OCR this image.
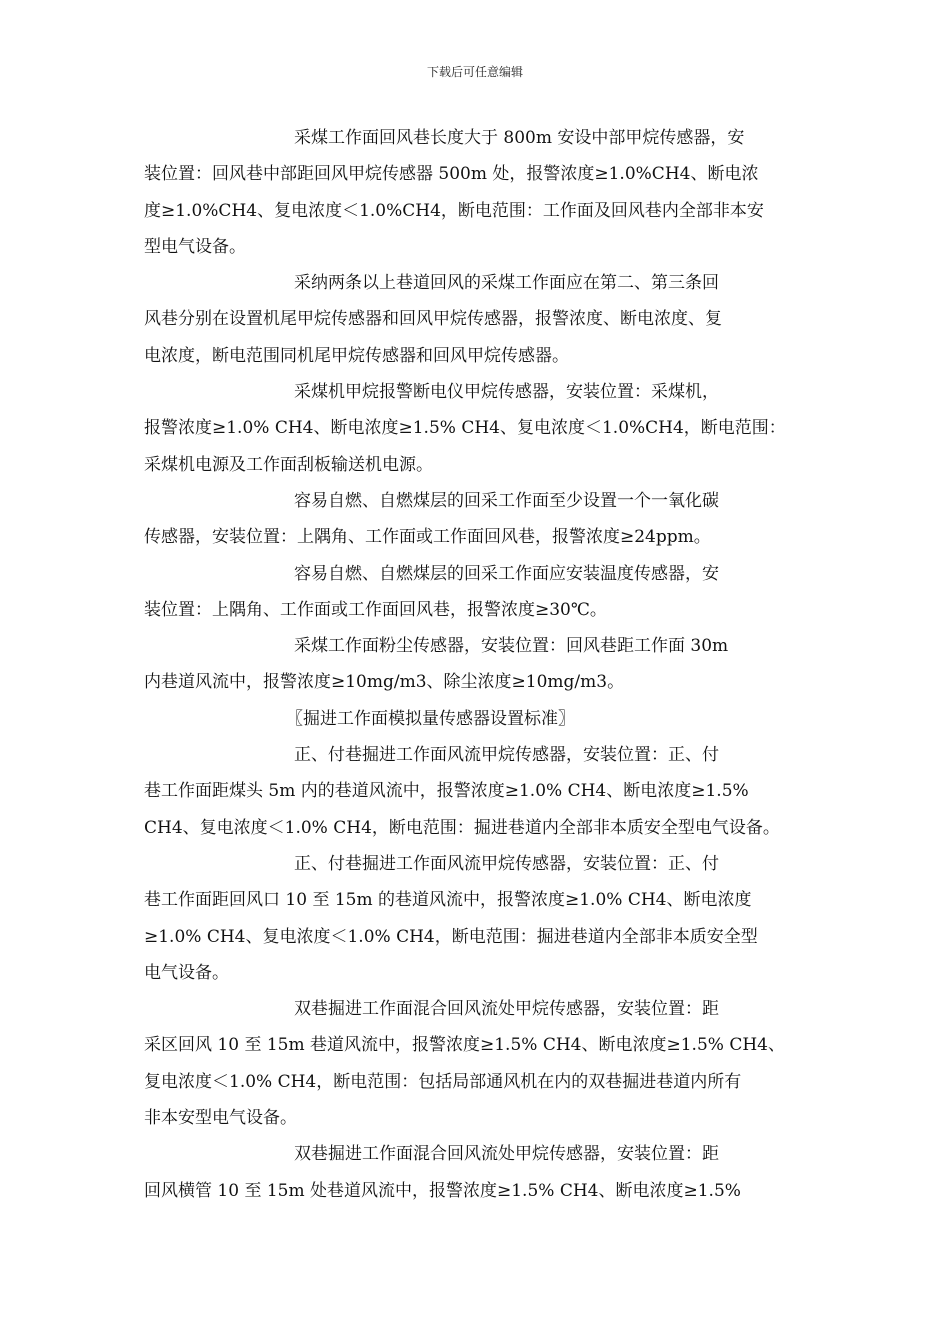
下载后可任意编辑

采煤工作面回风巷长度大于 800m 安设中部甲烷传感器，安
装位置：回风巷中部距回风甲烷传感器 500m 处，报警浓度≥1.0%CH4、断电浓
度≥1.0%CH4、复电浓度＜1.0%CH4，断电范围：工作面及回风巷内全部非本安
型电气设备。

采纳两条以上巷道回风的采煤工作面应在第二、第三条回
风巷分别在设置机尾甲烷传感器和回风甲烷传感器，报警浓度、断电浓度、复
电浓度，断电范围同机尾甲烷传感器和回风甲烷传感器。

采煤机甲烷报警断电仪甲烷传感器，安装位置：采煤机，
报警浓度≥1.0% CH4、断电浓度≥1.5% CH4、复电浓度＜1.0%CH4，断电范围：
采煤机电源及工作面刮板输送机电源。

容易自燃、自燃煤层的回采工作面至少设置一个一氧化碳
传感器，安装位置：上隅角、工作面或工作面回风巷，报警浓度≥24ppm。

容易自燃、自燃煤层的回采工作面应安装温度传感器，安
装位置：上隅角、工作面或工作面回风巷，报警浓度≥30℃。

采煤工作面粉尘传感器，安装位置：回风巷距工作面 30m
内巷道风流中，报警浓度≥10mg/m3、除尘浓度≥10mg/m3。

〖掘进工作面模拟量传感器设置标准〗

正、付巷掘进工作面风流甲烷传感器，安装位置：正、付
巷工作面距煤头 5m 内的巷道风流中，报警浓度≥1.0% CH4、断电浓度≥1.5%
CH4、复电浓度＜1.0% CH4，断电范围：掘进巷道内全部非本质安全型电气设备。

正、付巷掘进工作面风流甲烷传感器，安装位置：正、付
巷工作面距回风口 10 至 15m 的巷道风流中，报警浓度≥1.0% CH4、断电浓度
≥1.0% CH4、复电浓度＜1.0% CH4，断电范围：掘进巷道内全部非本质安全型
电气设备。

双巷掘进工作面混合回风流处甲烷传感器，安装位置：距
采区回风 10 至 15m 巷道风流中，报警浓度≥1.5% CH4、断电浓度≥1.5% CH4、
复电浓度＜1.0% CH4，断电范围：包括局部通风机在内的双巷掘进巷道内所有
非本安型电气设备。

双巷掘进工作面混合回风流处甲烷传感器，安装位置：距
回风横管 10 至 15m 处巷道风流中，报警浓度≥1.5% CH4、断电浓度≥1.5%
